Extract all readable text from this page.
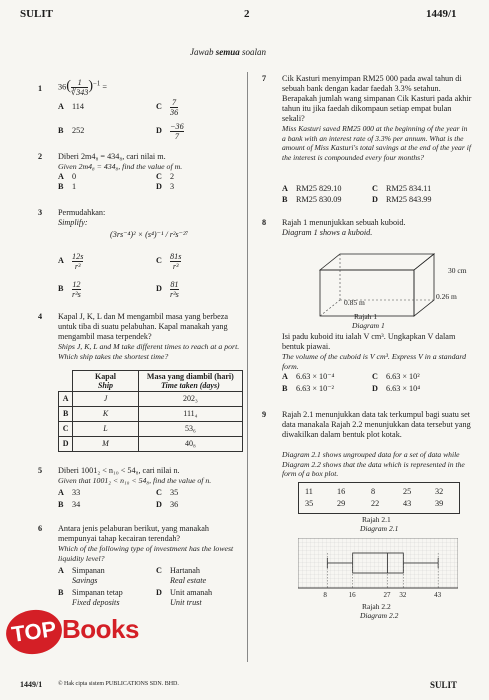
SULIT	2	1449/1
Jawab semua soalan
1 $36( \frac{1}{∛343} )^{-1}$ =
A 114
B 252
C $\frac{7}{36}$
D $\frac{-36}{7}$
2 Diberi 2m4₈ = 434₈, cari nilai m.
Given 2m4₈ = 434₈, find the value of m.
A 0
B 1
C 2
D 3
3 Permudahkan:
Simplify:
(3rs⁻⁴)² × (s⁴)⁻¹ / r²s⁻²⁷
A $\frac{12s}{\text{r³}}$
B $\frac{12}{\text{r³s}}$
C $\frac{81s}{\text{r³}}$
D $\frac{81}{\text{r³s}}$
4 Kapal J, K, L dan M mengambil masa yang berbeza untuk tiba di suatu pelabuhan. Kapal manakah yang mengambil masa terpendek?
Ships J, K, L and M take different times to reach at a port. Which ship takes the shortest time?
	Kapal
Ship	Masa yang diambil (hari)
Time taken (days)
A	J	202₃
B	K	111₄
C	L	53₆
D	M	40₈
5 Diberi 1001₂ < n₁₀ < 54₈, cari nilai n.
Given that 1001₂ < n₁₀ < 54₈, find the value of n.
A 33
B 34
C 35
D 36
6 Antara jenis pelaburan berikut, yang manakah mempunyai tahap kecairan terendah?
Which of the following type of investment has the lowest liquidity level?
A Simpanan
Savings
B Simpanan tetap
Fixed deposits
C Hartanah
Real estate
D Unit amanah
Unit trust
7 Cik Kasturi menyimpan RM25 000 pada awal tahun di sebuah bank dengan kadar faedah 3.3% setahun. Berapakah jumlah wang simpanan Cik Kasturi pada akhir tahun itu jika faedah dikompaun setiap empat bulan sekali?
Miss Kasturi saved RM25 000 at the beginning of the year in a bank with an interest rate of 3.3% per annum. What is the amount of Miss Kasturi's total savings at the end of the year if the interest is compounded every four months?
A RM25 829.10
B RM25 830.09
C RM25 834.11
D RM25 843.99
8 Rajah 1 menunjukkan sebuah kuboid.
Diagram 1 shows a kuboid.
30 cm
0.26 m
0.85 m
Rajah 1
Diagram 1
Isi padu kuboid itu ialah V cm³. Ungkapkan V dalam bentuk piawai.
The volume of the cuboid is V cm³. Express V in a standard form.
A 6.63 × 10⁻⁴
B 6.63 × 10⁻²
C 6.63 × 10²
D 6.63 × 10⁴
9 Rajah 2.1 menunjukkan data tak terkumpul bagi suatu set data manakala Rajah 2.2 menunjukkan data tersebut yang diwakilkan dalam bentuk plot kotak.
Diagram 2.1 shows ungrouped data for a set of data while Diagram 2.2 shows that the data which is represented in the form of a box plot.
11	16	8	25	32
35	29	22	43	39
Rajah 2.1
Diagram 2.1
8	16	27 32	43
Rajah 2.2
Diagram 2.2
TOP Books
1449/1	© Hak cipta sistem PUBLICATIONS SDN. BHD.	SULIT
